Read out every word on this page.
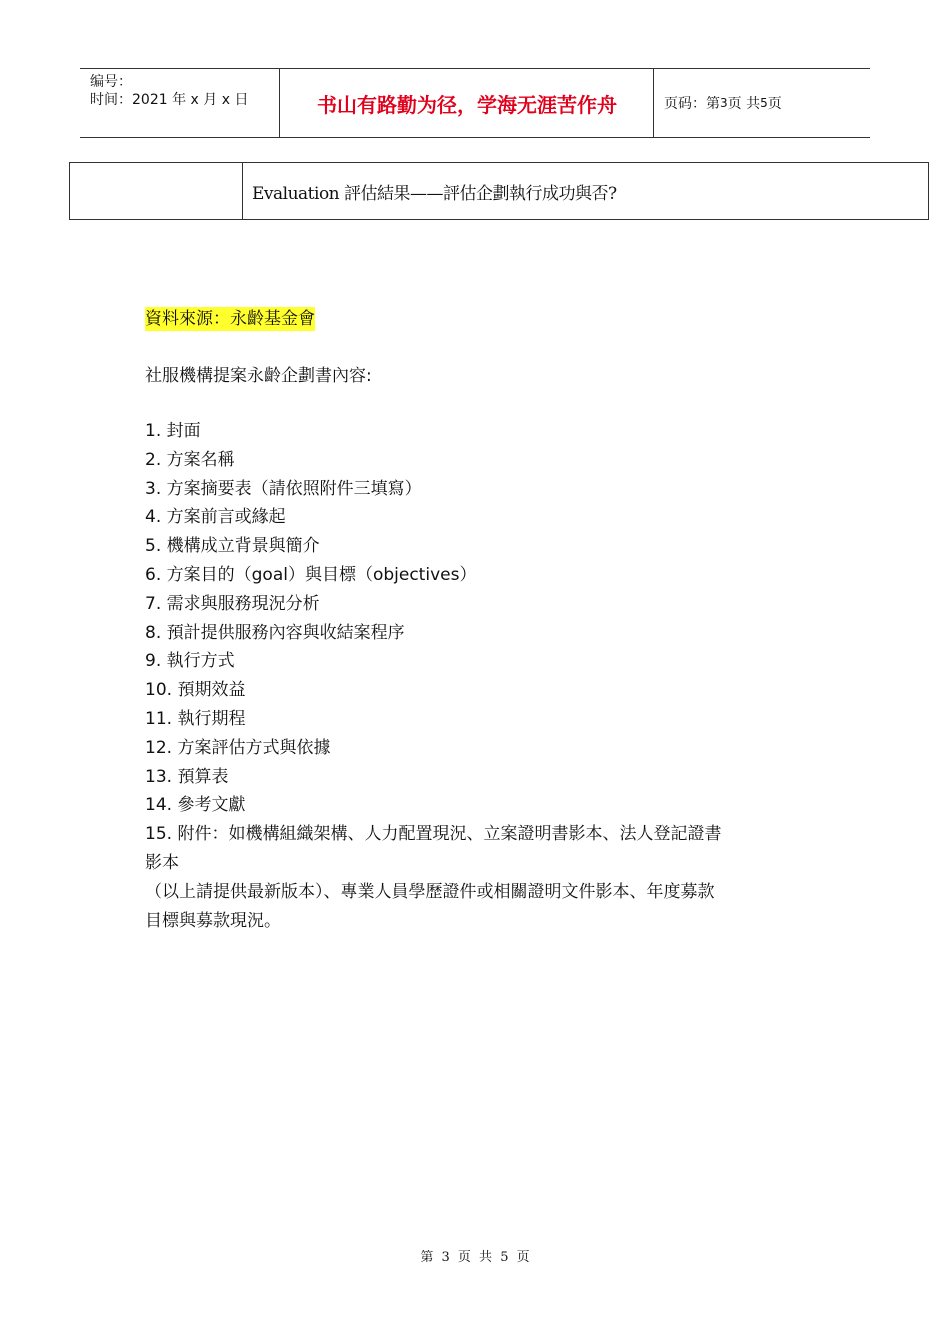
编号：
时间：2021 年 x 月 x 日	书山有路勤为径，学海无涯苦作舟	页码：第 3 页 共 5 页
Evaluation 評估結果——評估企劃執行成功與否?
資料來源：永齡基金會
社服機構提案永齡企劃書內容:
1. 封面
2. 方案名稱
3. 方案摘要表（請依照附件三填寫）
4. 方案前言或緣起
5. 機構成立背景與簡介
6. 方案目的（goal）與目標（objectives）
7. 需求與服務現況分析
8. 預計提供服務內容與收結案程序
9. 執行方式
10. 預期效益
11. 執行期程
12. 方案評估方式與依據
13. 預算表
14. 參考文獻
15. 附件：如機構組織架構、人力配置現況、立案證明書影本、法人登記證書
影本
（以上請提供最新版本）、專業人員學歷證件或相關證明文件影本、年度募款
目標與募款現況。
第 3 页 共 5 页
